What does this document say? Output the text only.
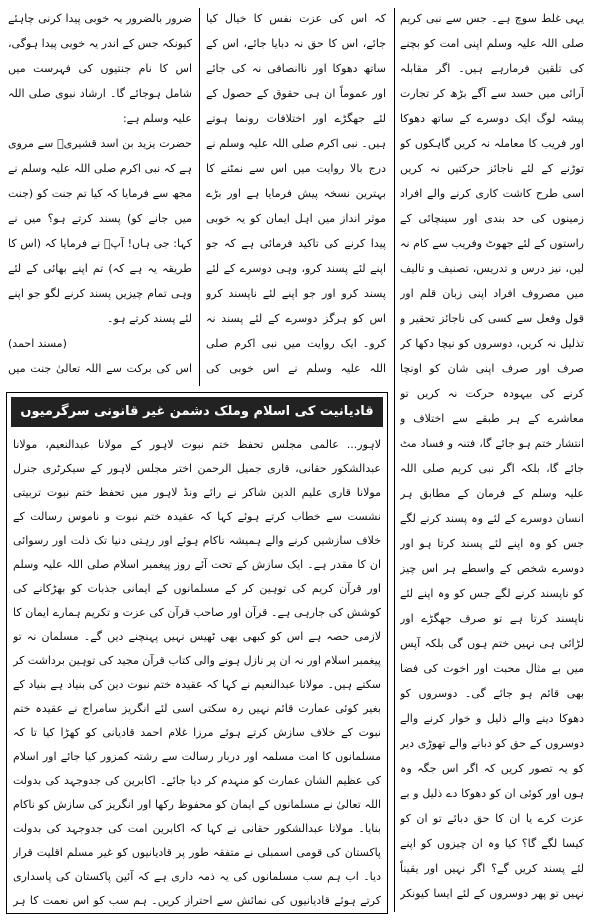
یہی غلط سوچ ہے۔ جس سے نبی کریم صلی اللہ علیہ وسلم اپنی امت کو بچنے کی تلقین فرمارہے ہیں۔ اگر مقابلہ آرائی میں حسد سے آگے بڑھ کر تجارت پیشہ لوگ ایک دوسرے کے ساتھ دھوکا اور فریب کا معاملہ نہ کریں گاہکوں کو توڑنے کے لئے ناجائز حرکتیں نہ کریں اسی طرح کاشت کاری کرنے والے افراد زمینوں کی حد بندی اور سینچائی کے راستوں کے لئے جھوٹ وفریب سے کام نہ لیں، نیز درس و تدریس، تصنیف و تالیف میں مصروف افراد اپنی زبان قلم اور قول وفعل سے کسی کی ناجائز تحقیر و تذلیل نہ کریں، دوسروں کو نیچا دکھا کر صرف اور صرف اپنی شان کو اونچا کرنے کی بیہودہ حرکت نہ کریں تو معاشرے کے ہر طبقے سے اختلاف و انتشار ختم ہو جائے گا، فتنہ و فساد مٹ جائے گا، بلکہ اگر نبی کریم صلی اللہ علیہ وسلم کے فرمان کے مطابق ہر انسان دوسرے کے لئے وہ پسند کرنے لگے جس کو وہ اپنے لئے پسند کرتا ہو اور دوسرے شخص کے واسطے ہر اس چیز کو ناپسند کرنے لگے جس کو وہ اپنے لئے ناپسند کرتا ہے تو صرف جھگڑے اور لڑائی ہی نہیں ختم ہوں گی بلکہ آپس میں بے مثال محبت اور اخوت کی فضا بھی قائم ہو جائے گی۔ دوسروں کو دھوکا دینے والے ذلیل و خوار کرنے والے دوسروں کے حق کو دبانے والے تھوڑی دیر کو یہ تصور کریں کہ اگر اس جگہ وہ ہوں اور کوئی ان کو دھوکا دے ذلیل و بے عزت کرے یا ان کا حق دبائے تو ان کو کیسا لگے گا؟ کیا وہ ان چیزوں کو اپنے لئے پسند کریں گے؟ اگر نہیں اور یقیناً نہیں تو پھر دوسروں کے لئے ایسا کیونکر

کہ اس کی عزت نفس کا خیال کیا جائے، اس کا حق نہ دبایا جائے، اس کے ساتھ دھوکا اور ناانصافی نہ کی جائے اور عموماً ان ہی حقوق کے حصول کے لئے جھگڑے اور اختلافات رونما ہوتے ہیں۔ نبی اکرم صلی اللہ علیہ وسلم نے درج بالا روایت میں اس سے نمٹنے کا بہترین نسخہ پیش فرمایا ہے اور بڑے موثر انداز میں اہل ایمان کو یہ خوبی پیدا کرنے کی تاکید فرمائی ہے کہ جو اپنے لئے پسند کرو، وہی دوسرے کے لئے پسند کرو اور جو اپنے لئے ناپسند کرو اس کو ہرگز دوسرے کے لئے پسند نہ کرو۔ ایک روایت میں نبی اکرم صلی اللہ علیہ وسلم نے اس خوبی کی

ضرور بالضرور یہ خوبی پیدا کرنی چاہئے کیونکہ جس کے اندر یہ خوبی پیدا ہوگی، اس کا نام جنتیوں کی فہرست میں شامل ہوجائے گا۔ ارشاد نبوی صلی اللہ علیہ وسلم ہے:

حضرت یزید بن اسد قشیریؓ سے مروی ہے کہ نبی اکرم صلی اللہ علیہ وسلم نے مجھ سے فرمایا کہ کیا تم جنت کو (جنت میں جانے کو) پسند کرتے ہو؟ میں نے کہا: جی ہاں! آپؐ نے فرمایا کہ (اس کا طریقہ یہ ہے کہ) تم اپنے بھائی کے لئے وہی تمام چیزیں پسند کرنے لگو جو اپنے لئے پسند کرتے ہو۔
(مسند احمد)

اس کی برکت سے اللہ تعالیٰ جنت میں

قادیانیت کی اسلام وملک دشمن غیر قانونی سرگرمیوں
لاہور... عالمی مجلس تحفظ ختم نبوت لاہور کے مولانا عبدالنعیم، مولانا عبدالشکور حقانی، قاری جمیل الرحمن اختر مجلس لاہور کے سیکرٹری جنرل مولانا قاری علیم الدین شاکر نے رائے ونڈ لاہور میں تحفظ ختم نبوت تربیتی نشست سے خطاب کرتے ہوئے کہا کہ عقیدہ ختم نبوت و ناموس رسالت کے خلاف سازشیں کرنے والے ہمیشہ ناکام ہوئے اور رہتی دنیا تک ذلت اور رسوائی ان کا مقدر ہے۔ ایک سازش کے تحت آئے روز پیغمبر اسلام صلی اللہ علیہ وسلم اور قرآن کریم کی توہین کر کے مسلمانوں کے ایمانی جذبات کو بھڑکانے کی کوشش کی جارہی ہے۔ قرآن اور صاحب قرآن کی عزت و تکریم ہمارے ایمان کا لازمی حصہ ہے اس کو کبھی بھی ٹھیس نہیں پہنچنے دیں گے۔ مسلمان نہ تو پیغمبر اسلام اور نہ ان پر نازل ہونے والی کتاب قرآن مجید کی توہین برداشت کر سکتے ہیں۔ مولانا عبدالنعیم نے کہا کہ عقیدہ ختم نبوت دین کی بنیاد ہے بنیاد کے بغیر کوئی عمارت قائم نہیں رہ سکتی اسی لئے انگریز سامراج نے عقیدہ ختم نبوت کے خلاف سازش کرتے ہوئے مرزا غلام احمد قادیانی کو کھڑا کیا تا کہ مسلمانوں کا امت مسلمہ اور دربار رسالت سے رشتہ کمزور کیا جائے اور اسلام کی عظیم الشان عمارت کو منہدم کر دیا جائے۔ اکابرین کی جدوجہد کی بدولت اللہ تعالیٰ نے مسلمانوں کے ایمان کو محفوظ رکھا اور انگریز کی سازش کو ناکام بنایا۔ مولانا عبدالشکور حقانی نے کہا کہ اکابرین امت کی جدوجہد کی بدولت پاکستان کی قومی اسمبلی نے متفقہ طور پر قادیانیوں کو غیر مسلم اقلیت قرار دیا۔ اب ہم سب مسلمانوں کی یہ ذمہ داری ہے کہ آئین پاکستان کی پاسداری کرتے ہوئے قادیانیوں کی نمائش سے احتراز کریں۔ ہم سب کو اس نعمت کا ہر
